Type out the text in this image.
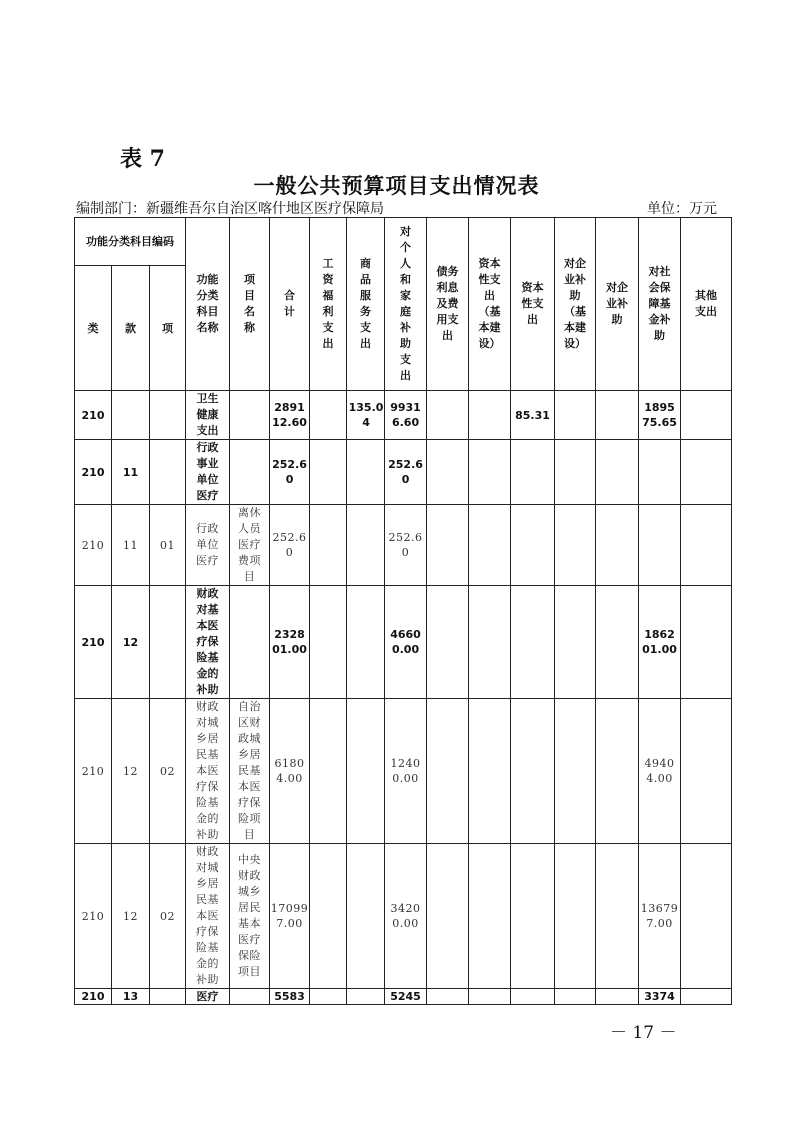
表 7
一般公共预算项目支出情况表
编制部门：新疆维吾尔自治区喀什地区医疗保障局	单位：万元
功能分类科目编码			功能分类科目名称	项目名称	合计	工资福利支出	商品服务支出	对个人和家庭补助支出	债务利息及费用支出	资本性支出（基本建设）	资本性支出	对企业补助（基本建设）	对企业补助	对社会保障基金补助	其他支出
类	款	项													
210			卫生健康支出		289112.60		135.04	99316.60			85.31			189575.65	
210	11		行政事业单位医疗		252.60			252.60							
210	11	01	行政单位医疗	离休人员医疗费项目	252.60			252.60							
210	12		财政对基本医疗保险基金的补助		232801.00			46600.00						186201.00	
210	12	02	财政对城乡居民基本医疗保险基金的补助	自治区财政城乡居民基本医疗保险项目	61804.00			12400.00						49404.00	
210	12	02	财政对城乡居民基本医疗保险基金的补助	中央财政城乡居民基本医疗保险项目	170997.00			34200.00						136797.00	
210	13		医疗		5583			5245						3374	
－ 17 －
